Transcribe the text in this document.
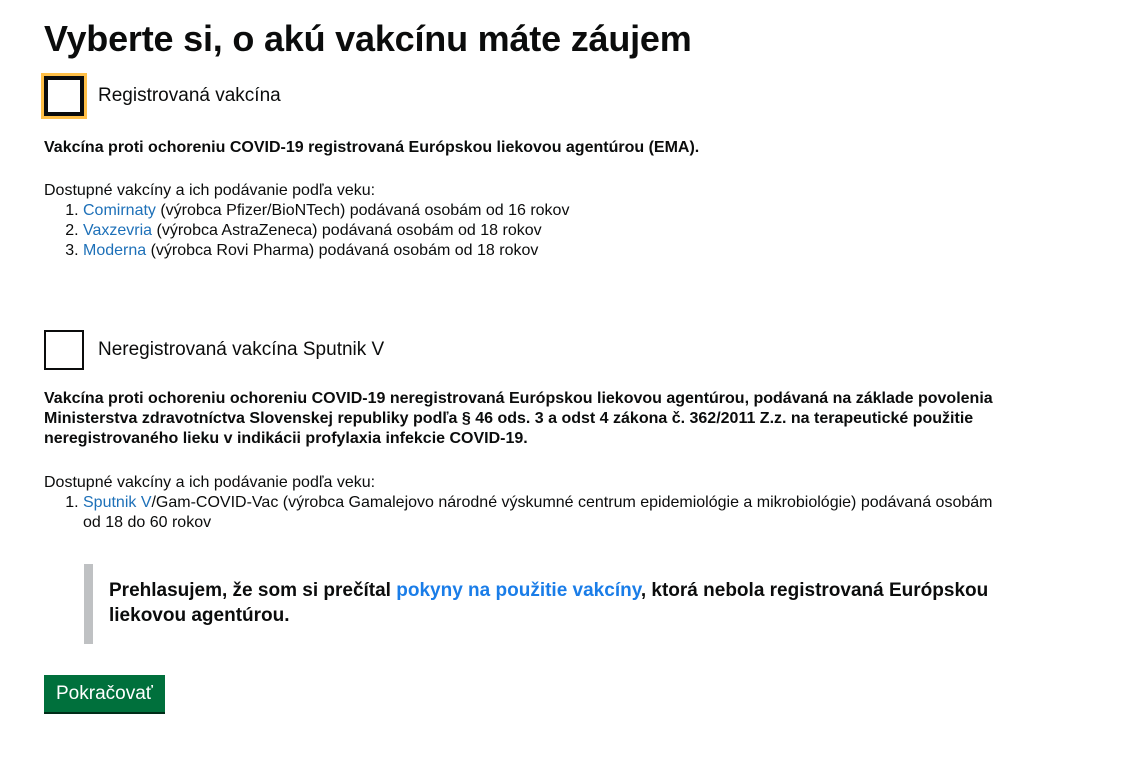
Vyberte si, o akú vakcínu máte záujem
Registrovaná vakcína

Vakcína proti ochoreniu COVID-19 registrovaná Európskou liekovou agentúrou (EMA).

Dostupné vakcíny a ich podávanie podľa veku:

1. Comirnaty (výrobca Pfizer/BioNTech) podávaná osobám od 16 rokov
2. Vaxzevria (výrobca AstraZeneca) podávaná osobám od 18 rokov
3. Moderna (výrobca Rovi Pharma) podávaná osobám od 18 rokov
Neregistrovaná vakcína Sputnik V

Vakcína proti ochoreniu ochoreniu COVID-19 neregistrovaná Európskou liekovou agentúrou, podávaná na základe povolenia Ministerstva zdravotníctva Slovenskej republiky podľa § 46 ods. 3 a odst 4 zákona č. 362/2011 Z.z. na terapeutické použitie neregistrovaného lieku v indikácii profylaxia infekcie COVID-19.

Dostupné vakcíny a ich podávanie podľa veku:

1. Sputnik V/Gam-COVID-Vac (výrobca Gamalejovo národné výskumné centrum epidemiológie a mikrobiológie) podávaná osobám od 18 do 60 rokov

Prehlasujem, že som si prečítal pokyny na použitie vakcíny, ktorá nebola registrovaná Európskou liekovou agentúrou.

Pokračovať
